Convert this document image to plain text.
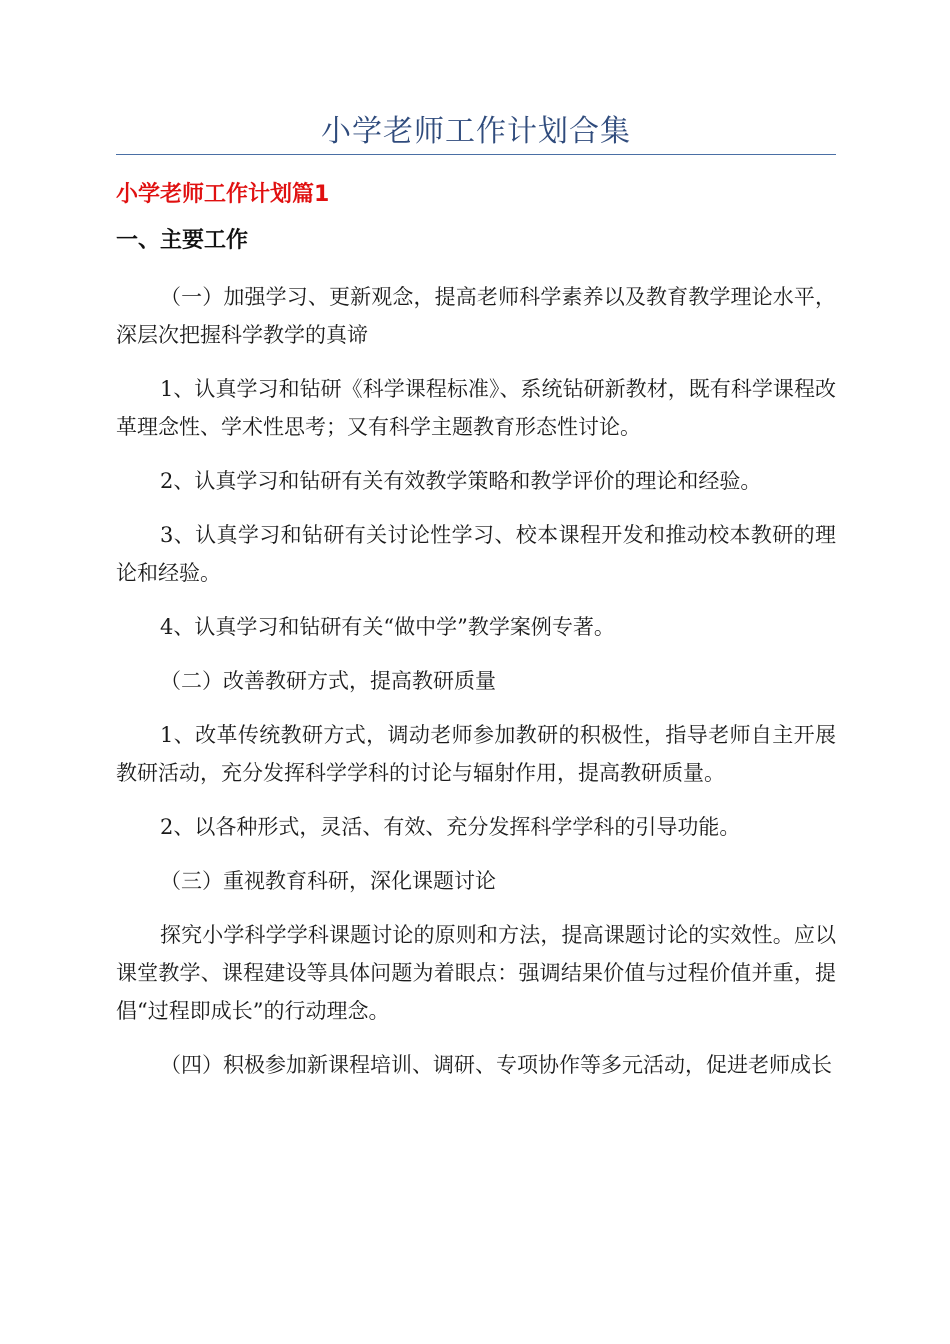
小学老师工作计划合集
小学老师工作计划篇1
一、主要工作

（一）加强学习、更新观念，提高老师科学素养以及教育教学理论水平，深层次把握科学教学的真谛

1、认真学习和钻研《科学课程标准》、系统钻研新教材，既有科学课程改革理念性、学术性思考；又有科学主题教育形态性讨论。

2、认真学习和钻研有关有效教学策略和教学评价的理论和经验。

3、认真学习和钻研有关讨论性学习、校本课程开发和推动校本教研的理论和经验。

4、认真学习和钻研有关“做中学”教学案例专著。

（二）改善教研方式，提高教研质量

1、改革传统教研方式，调动老师参加教研的积极性，指导老师自主开展教研活动，充分发挥科学学科的讨论与辐射作用，提高教研质量。

2、以各种形式，灵活、有效、充分发挥科学学科的引导功能。

（三）重视教育科研，深化课题讨论

探究小学科学学科课题讨论的原则和方法，提高课题讨论的实效性。应以课堂教学、课程建设等具体问题为着眼点：强调结果价值与过程价值并重，提倡“过程即成长”的行动理念。

（四）积极参加新课程培训、调研、专项协作等多元活动，促进老师成长
